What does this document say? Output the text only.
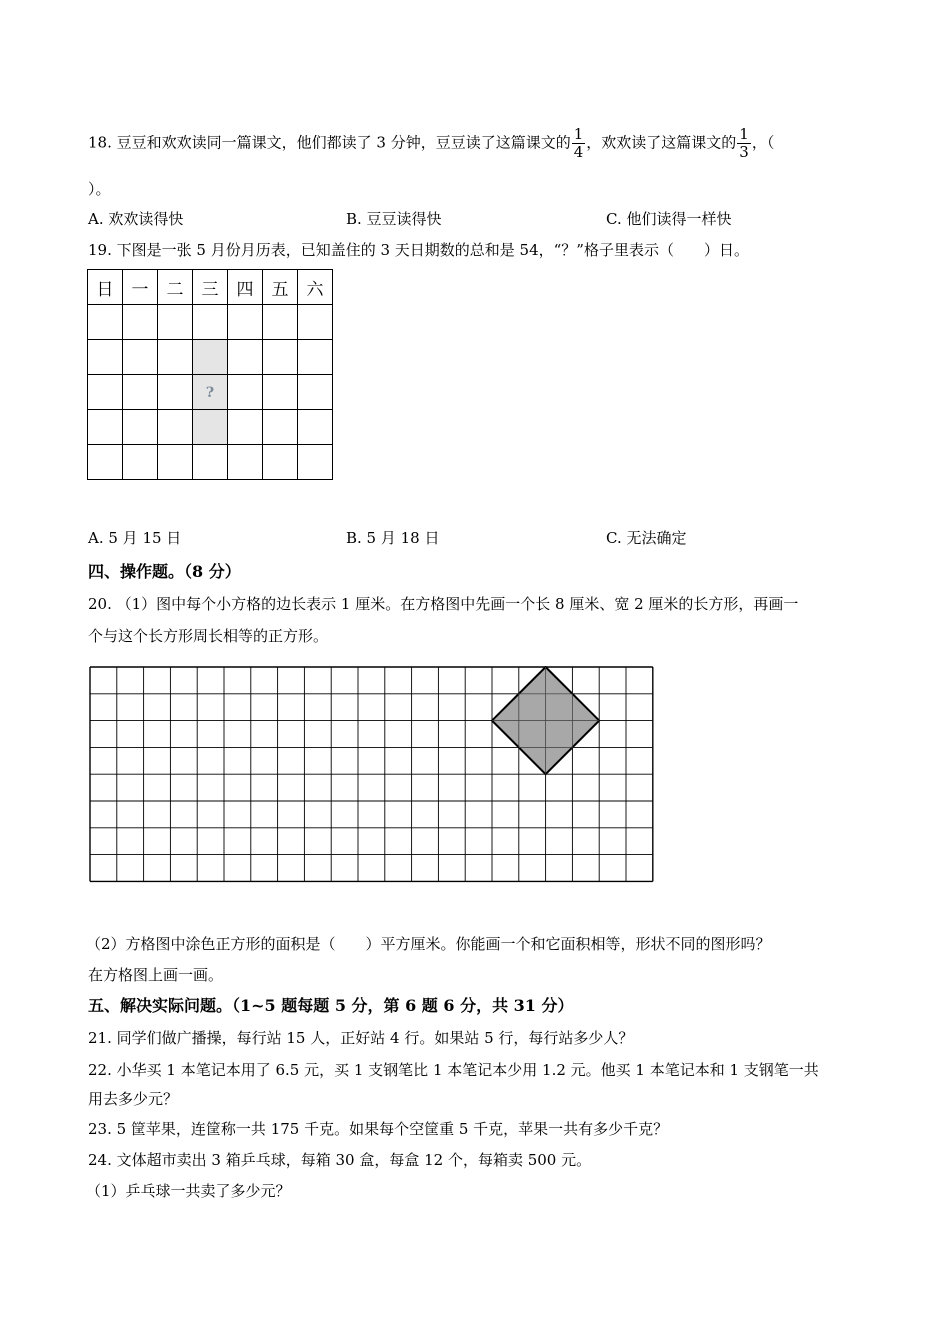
18. 豆豆和欢欢读同一篇课文，他们都读了 3 分钟，豆豆读了这篇课文的 $\frac{1}{4}$ ，欢欢读了这篇课文的 $\frac{1}{3}$ ，（
）。
A. 欢欢读得快	B. 豆豆读得快	C. 他们读得一样快
19. 下图是一张 5 月份月历表，已知盖住的 3 天日期数的总和是 54，“？”格子里表示（　　）日。
日	一	二	三	四	五	六

			?			

A. 5 月 15 日	B. 5 月 18 日	C. 无法确定
四、操作题。（8 分）
20. （1）图中每个小方格的边长表示 1 厘米。在方格图中先画一个长 8 厘米、宽 2 厘米的长方形，再画一
个与这个长方形周长相等的正方形。
（2）方格图中涂色正方形的面积是（　　）平方厘米。你能画一个和它面积相等，形状不同的图形吗？
在方格图上画一画。
五、解决实际问题。（1~5 题每题 5 分，第 6 题 6 分，共 31 分）
21. 同学们做广播操，每行站 15 人，正好站 4 行。如果站 5 行，每行站多少人？
22. 小华买 1 本笔记本用了 6.5 元，买 1 支钢笔比 1 本笔记本少用 1.2 元。他买 1 本笔记本和 1 支钢笔一共
用去多少元？
23. 5 筐苹果，连筐称一共 175 千克。如果每个空筐重 5 千克，苹果一共有多少千克？
24. 文体超市卖出 3 箱乒乓球，每箱 30 盒，每盒 12 个，每箱卖 500 元。
（1）乒乓球一共卖了多少元？
